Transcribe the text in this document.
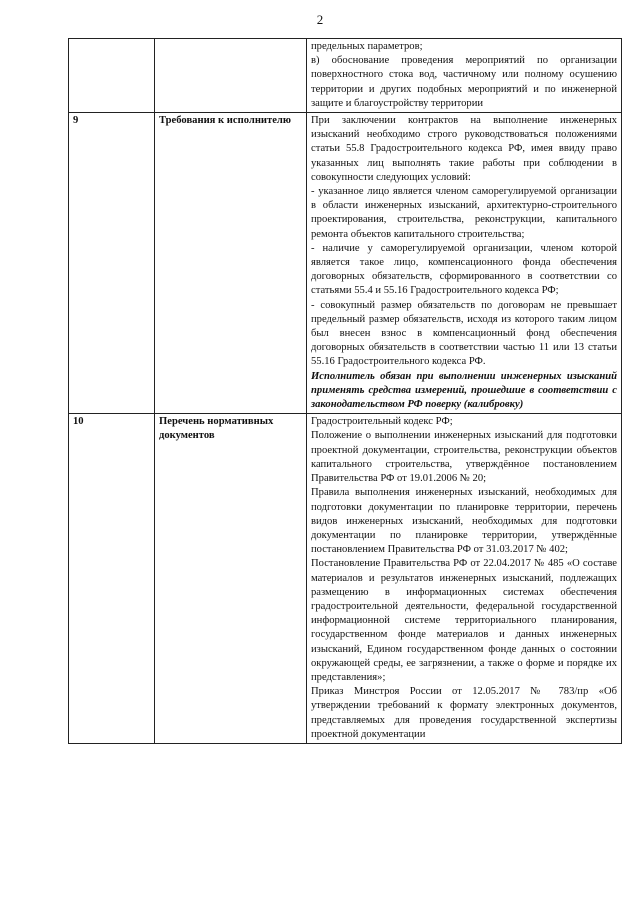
2

		предельных параметров;

в) обоснование проведения мероприятий по организации поверхностного стока вод, частичному или полному осушению территории и других подобных мероприятий и по инженерной защите и благоустройству территории

9	Требования к исполнителю	При заключении контрактов на выполнение инженерных изысканий необходимо строго руководствоваться положениями статьи 55.8 Градостроительного кодекса РФ, имея ввиду право указанных лиц выполнять такие работы при соблюдении в совокупности следующих условий:

- указанное лицо является членом саморегулируемой организации в области инженерных изысканий, архитектурно-строительного проектирования, строительства, реконструкции, капитального ремонта объектов капитального строительства;

- наличие у саморегулируемой организации, членом которой является такое лицо, компенсационного фонда обеспечения договорных обязательств, сформированного в соответствии со статьями 55.4 и 55.16 Градостроительного кодекса РФ;

- совокупный размер обязательств по договорам не превышает предельный размер обязательств, исходя из которого таким лицом был внесен взнос в компенсационный фонд обеспечения договорных обязательств в соответствии частью 11 или 13 статьи 55.16 Градостроительного кодекса РФ.

Исполнитель обязан при выполнении инженерных изысканий применять средства измерений, прошедшие в соответствии с законодательством РФ поверку (калибровку)

10	Перечень нормативных документов	Градостроительный кодекс РФ;

Положение о выполнении инженерных изысканий для подготовки проектной документации, строительства, реконструкции объектов капитального строительства, утверждённое постановлением Правительства РФ от 19.01.2006 № 20;

Правила выполнения инженерных изысканий, необходимых для подготовки документации по планировке территории, перечень видов инженерных изысканий, необходимых для подготовки документации по планировке территории, утверждённые постановлением Правительства РФ от 31.03.2017 № 402;

Постановление Правительства РФ от 22.04.2017 № 485 «О составе материалов и результатов инженерных изысканий, подлежащих размещению в информационных системах обеспечения градостроительной деятельности, федеральной государственной информационной системе территориального планирования, государственном фонде материалов и данных инженерных изысканий, Едином государственном фонде данных о состоянии окружающей среды, ее загрязнении, а также о форме и порядке их представления»;

Приказ Минстроя России от 12.05.2017 № 783/пр «Об утверждении требований к формату электронных документов, представляемых для проведения государственной экспертизы проектной документации
